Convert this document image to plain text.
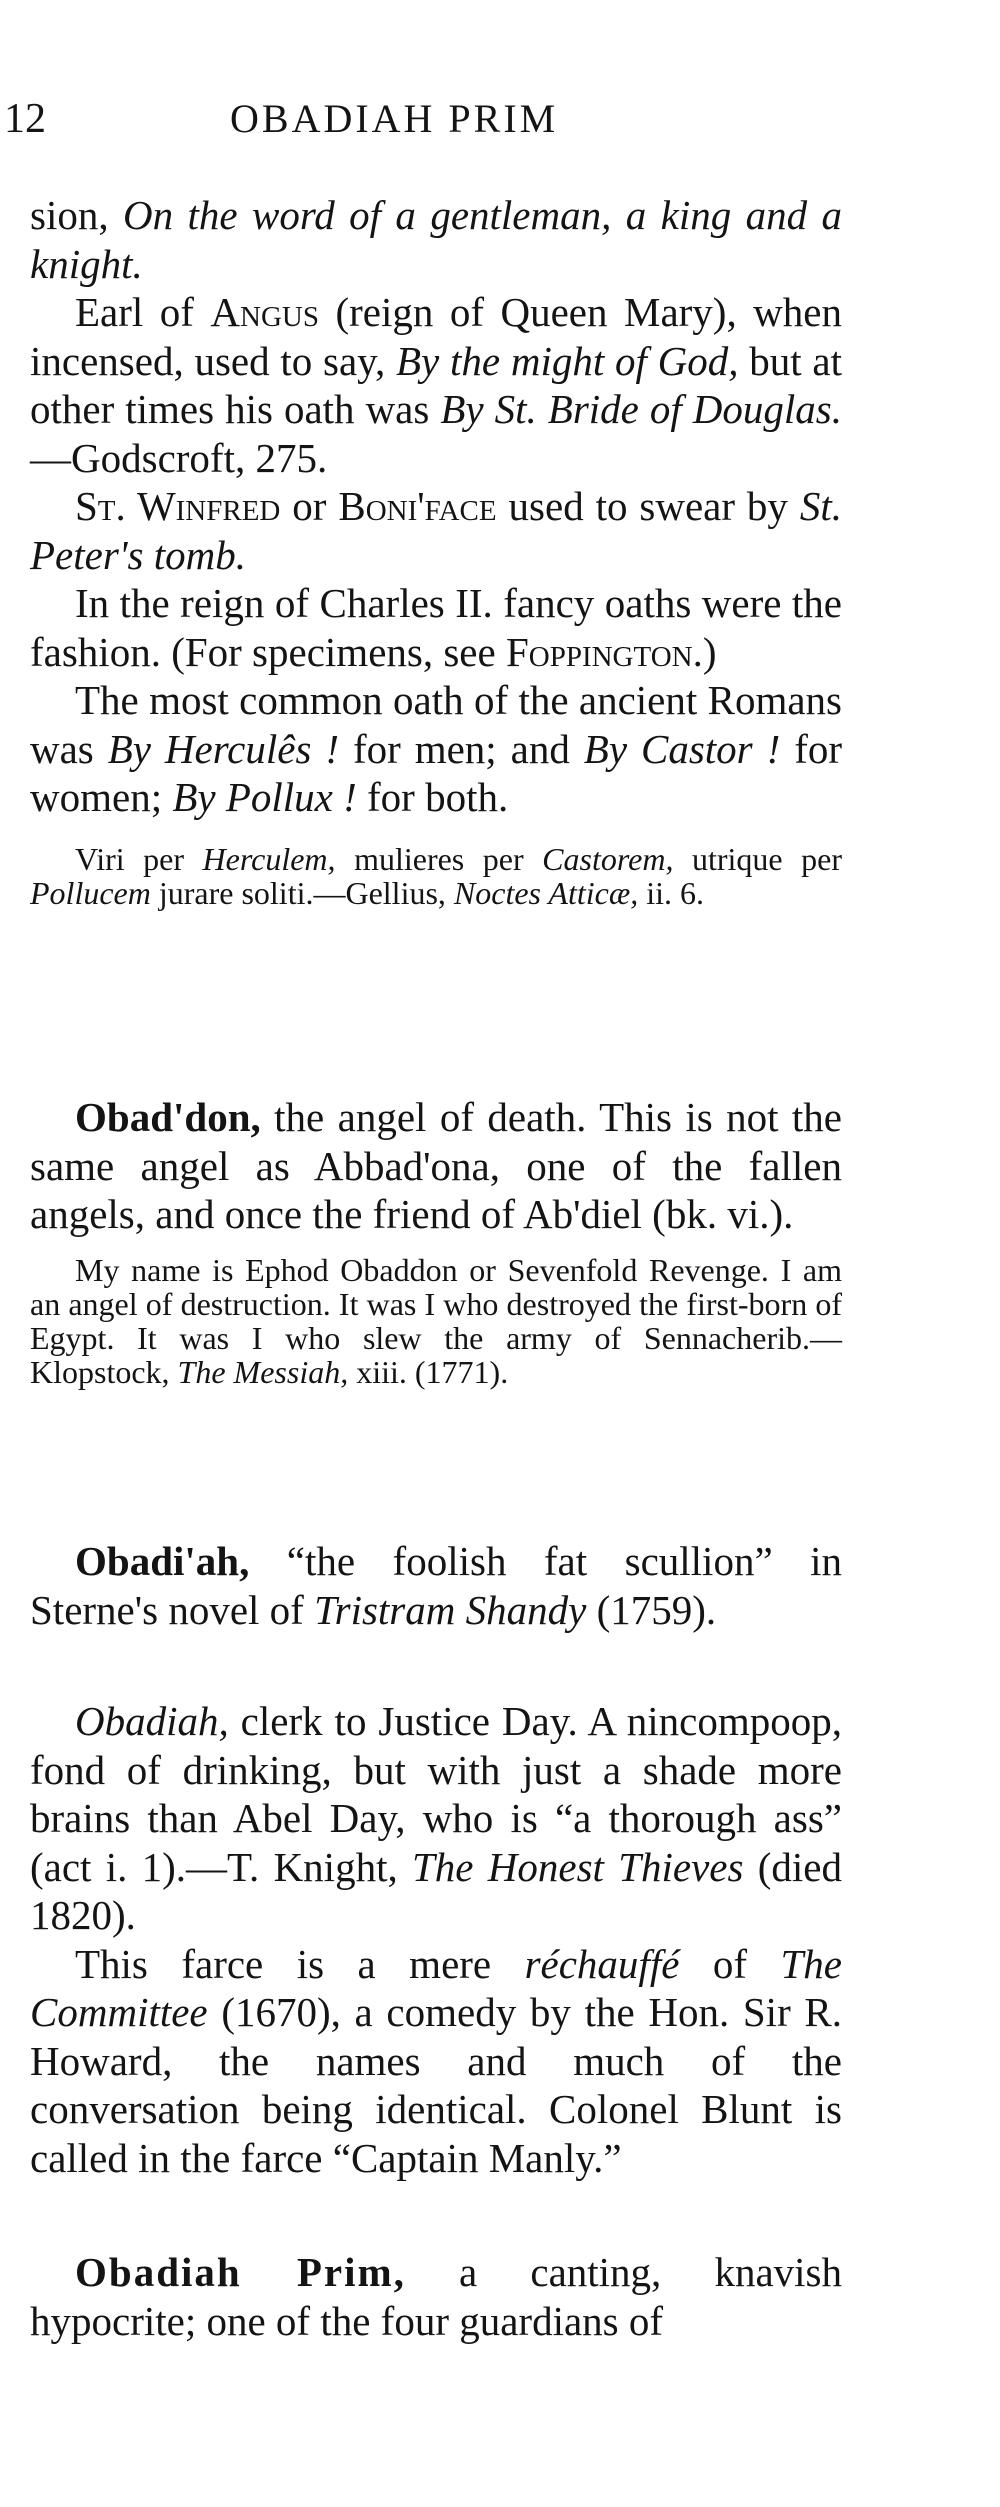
12	OBADIAH PRIM

sion, On the word of a gentleman, a king and a knight.

Earl of Angus (reign of Queen Mary), when incensed, used to say, By the might of God, but at other times his oath was By St. Bride of Douglas.—Godscroft, 275.

St. Winfred or Boni'face used to swear by St. Peter's tomb.

In the reign of Charles II. fancy oaths were the fashion. (For specimens, see Foppington.)

The most common oath of the ancient Romans was By Herculês ! for men; and By Castor ! for women; By Pollux ! for both.

Viri per Herculem, mulieres per Castorem, utrique per Pollucem jurare soliti.—Gellius, Noctes Atticæ, ii. 6.

Obad'don, the angel of death. This is not the same angel as Abbad'ona, one of the fallen angels, and once the friend of Ab'diel (bk. vi.).

My name is Ephod Obaddon or Sevenfold Revenge. I am an angel of destruction. It was I who destroyed the first-born of Egypt. It was I who slew the army of Sennacherib.—Klopstock, The Messiah, xiii. (1771).

Obadi'ah, “the foolish fat scullion” in Sterne's novel of Tristram Shandy (1759).

Obadiah, clerk to Justice Day. A nincompoop, fond of drinking, but with just a shade more brains than Abel Day, who is “a thorough ass” (act i. 1).—T. Knight, The Honest Thieves (died 1820).

This farce is a mere réchauffé of The Committee (1670), a comedy by the Hon. Sir R. Howard, the names and much of the conversation being identical. Colonel Blunt is called in the farce “Captain Manly.”

Obadiah Prim, a canting, knavish hypocrite; one of the four guardians of
